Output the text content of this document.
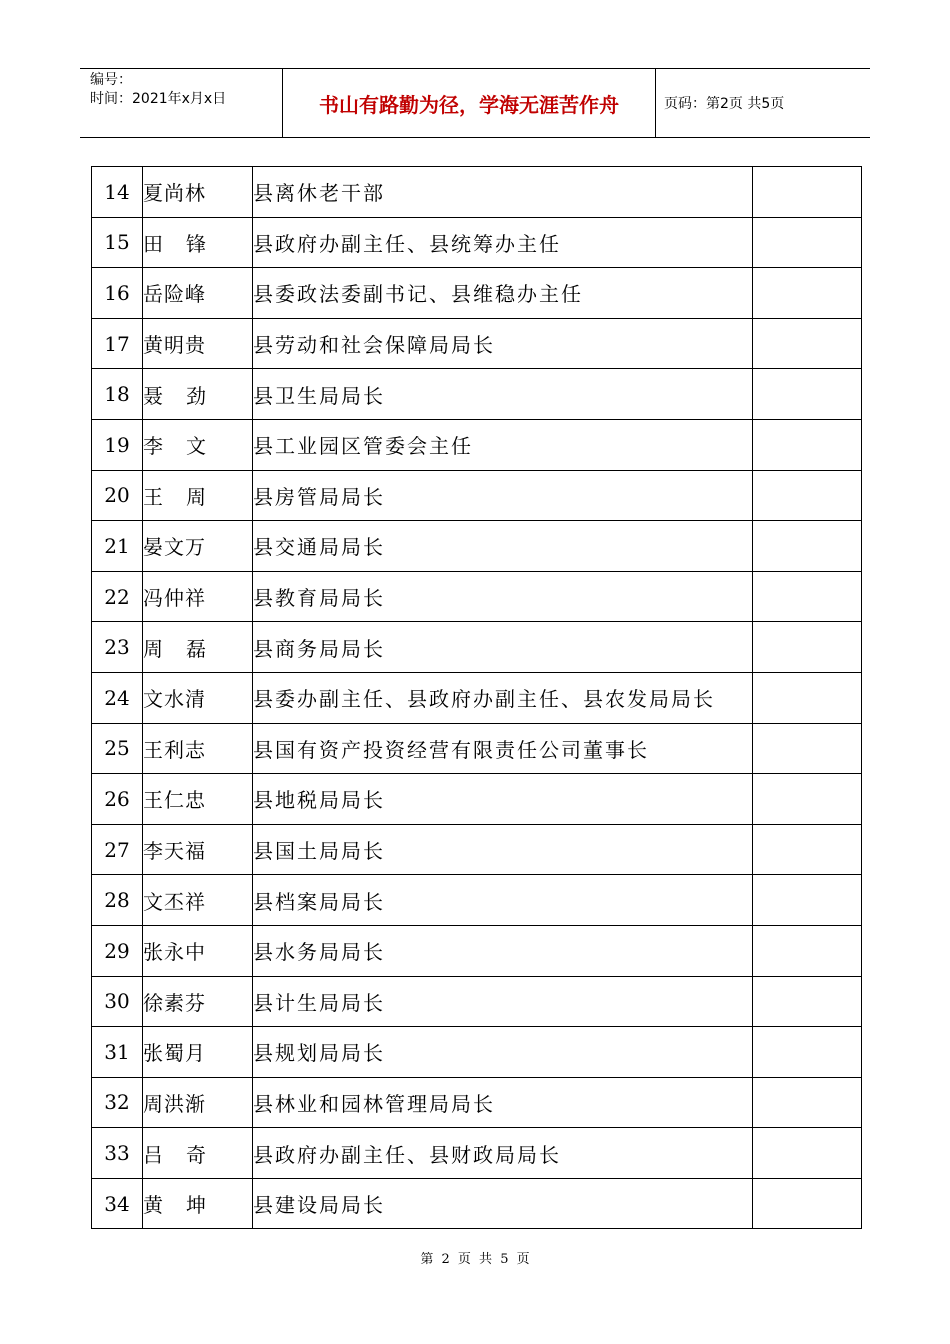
编号：
时间：2021年x月x日	书山有路勤为径，学海无涯苦作舟	页码：第2页 共5页
14	夏尚林	县离休老干部	
15	田 锋	县政府办副主任、县统筹办主任	
16	岳险峰	县委政法委副书记、县维稳办主任	
17	黄明贵	县劳动和社会保障局局长	
18	聂 劲	县卫生局局长	
19	李 文	县工业园区管委会主任	
20	王 周	县房管局局长	
21	晏文万	县交通局局长	
22	冯仲祥	县教育局局长	
23	周 磊	县商务局局长	
24	文水清	县委办副主任、县政府办副主任、县农发局局长	
25	王利志	县国有资产投资经营有限责任公司董事长	
26	王仁忠	县地税局局长	
27	李天福	县国土局局长	
28	文丕祥	县档案局局长	
29	张永中	县水务局局长	
30	徐素芬	县计生局局长	
31	张蜀月	县规划局局长	
32	周洪渐	县林业和园林管理局局长	
33	吕 奇	县政府办副主任、县财政局局长	
34	黄 坤	县建设局局长	
第 2 页 共 5 页
